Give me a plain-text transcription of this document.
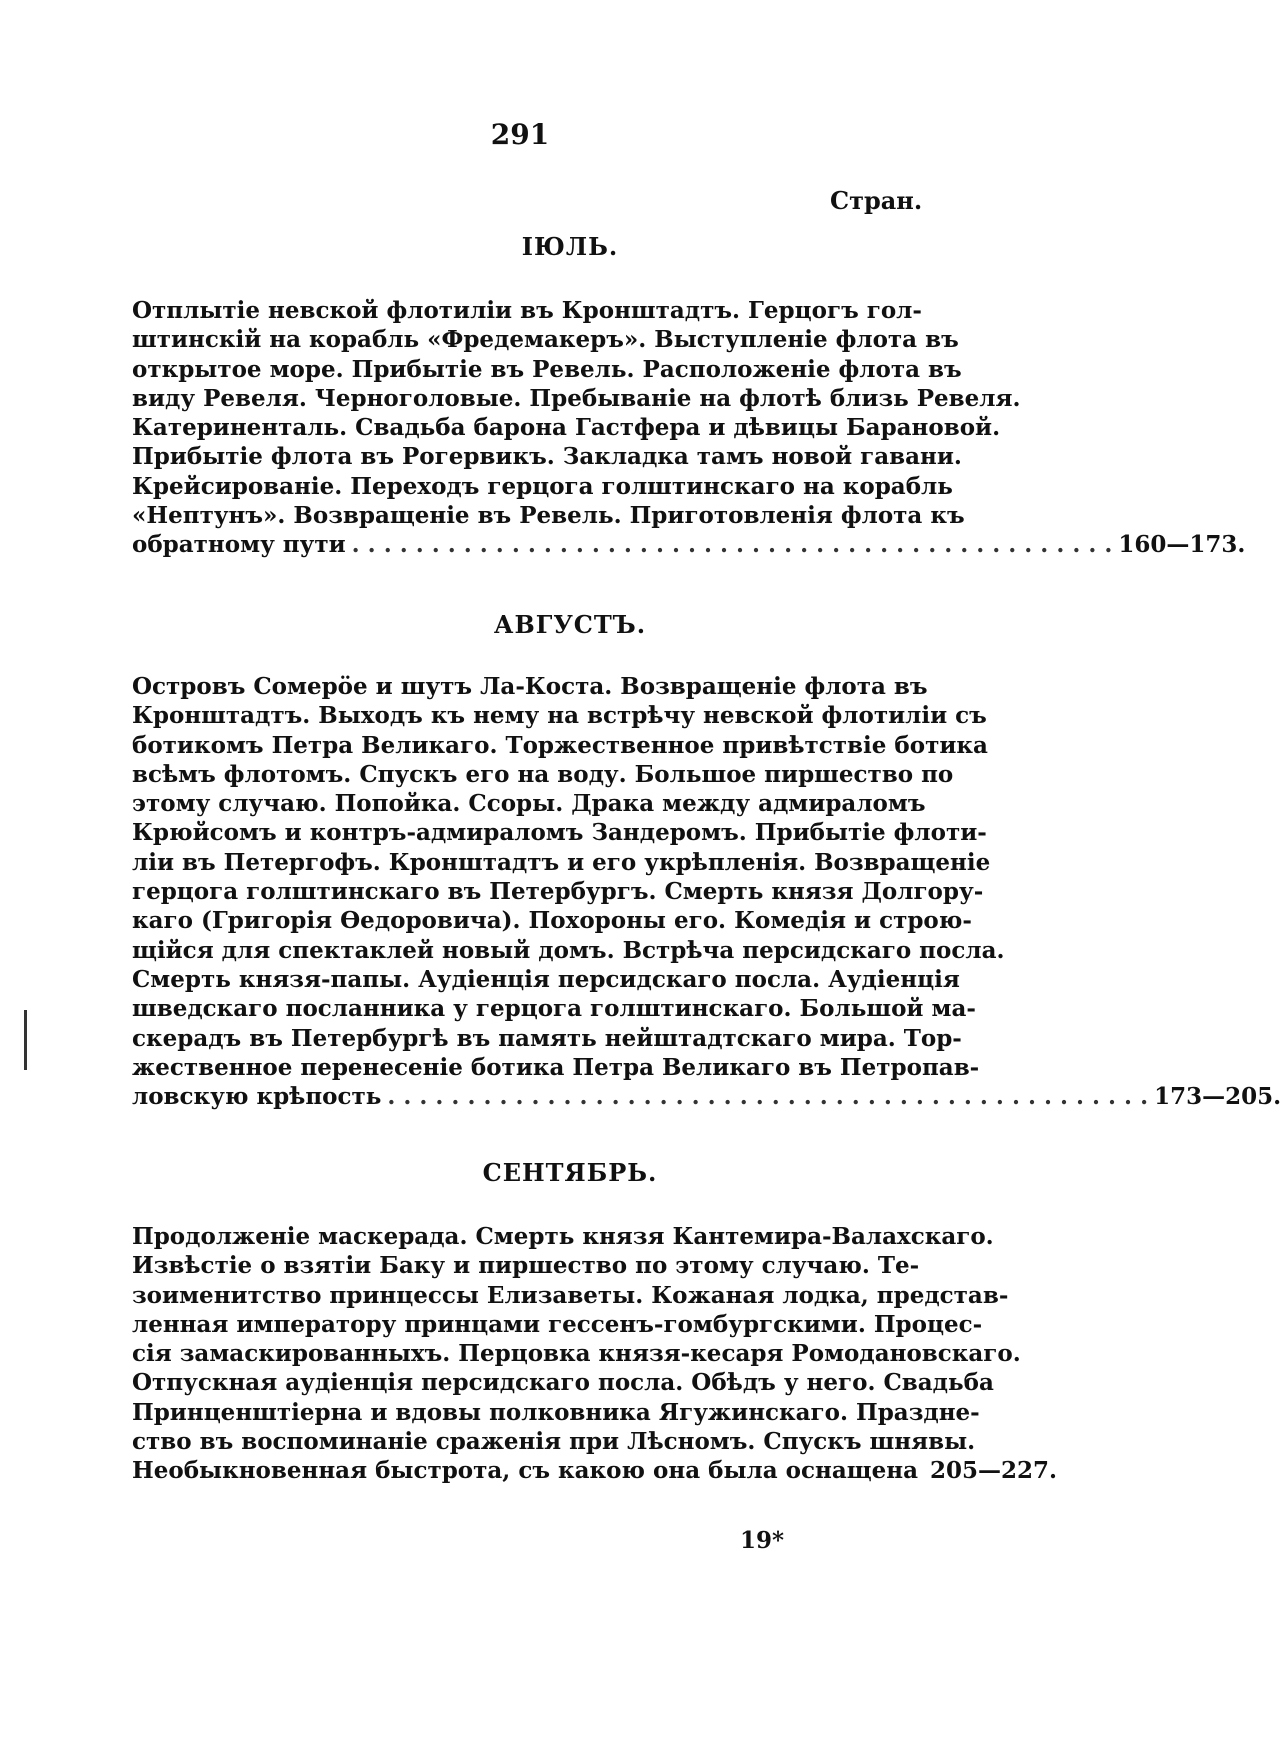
291
Стран.
ІЮЛЬ.
Отплытіе невской флотиліи въ Кронштадтъ. Герцогъ гол-
штинскій на корабль «Фредемакеръ». Выступленіе флота въ
открытое море. Прибытіе въ Ревель. Расположеніе флота въ
виду Ревеля. Черноголовые. Пребываніе на флотѣ близь Ревеля.
Катериненталь. Свадьба барона Гастфера и дѣвицы Барановой.
Прибытіе флота въ Рогервикъ. Закладка тамъ новой гавани.
Крейсированіе. Переходъ герцога голштинскаго на корабль
«Нептунъ». Возвращеніе въ Ревель. Приготовленія флота къ
обратному пути . . .	160—173.
АВГУСТЪ.
Островъ Сомерöе и шутъ Ла-Коста. Возвращеніе флота въ
Кронштадтъ. Выходъ къ нему на встрѣчу невской флотиліи съ
ботикомъ Петра Великаго. Торжественное привѣтствіе ботика
всѣмъ флотомъ. Спускъ его на воду. Большое пиршество по
этому случаю. Попойка. Ссоры. Драка между адмираломъ
Крюйсомъ и контръ-адмираломъ Зандеромъ. Прибытіе флоти-
ліи въ Петергофъ. Кронштадтъ и его укрѣпленія. Возвращеніе
герцога голштинскаго въ Петербургъ. Смерть князя Долгору-
каго (Григорія Ѳедоровича). Похороны его. Комедія и строю-
щійся для спектаклей новый домъ. Встрѣча персидскаго посла.
Смерть князя-папы. Аудіенція персидскаго посла. Аудіенція
шведскаго посланника у герцога голштинскаго. Большой ма-
скерадъ въ Петербургѣ въ память нейштадтскаго мира. Тор-
жественное перенесеніе ботика Петра Великаго въ Петропав-
ловскую крѣпость . . .	173—205.
СЕНТЯБРЬ.
Продолженіе маскерада. Смерть князя Кантемира-Валахскаго.
Извѣстіе о взятіи Баку и пиршество по этому случаю. Те-
зоименитство принцессы Елизаветы. Кожаная лодка, представ-
ленная императору принцами гессенъ-гомбургскими. Процес-
сія замаскированныхъ. Перцовка князя-кесаря Ромодановскаго.
Отпускная аудіенція персидскаго посла. Обѣдъ у него. Свадьба
Принценштіерна и вдовы полковника Ягужинскаго. Праздне-
ство въ воспоминаніе сраженія при Лѣсномъ. Спускъ шнявы.
Необыкновенная быстрота, съ какою она была оснащена 205—227.
19*
